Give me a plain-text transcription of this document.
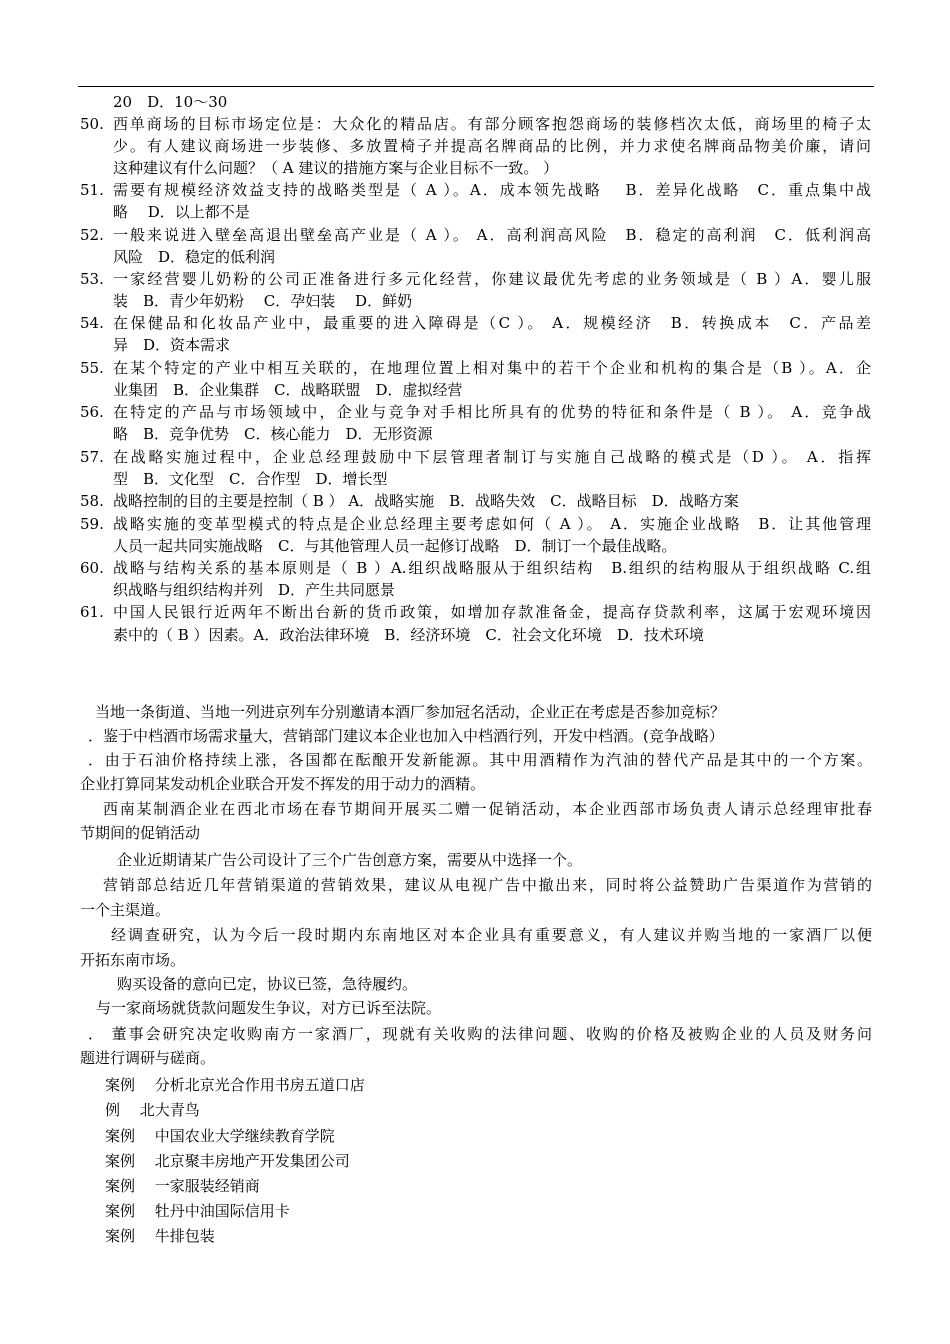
20　D．10～30
50. 西单商场的目标市场定位是：大众化的精品店。有部分顾客抱怨商场的装修档次太低，商场里的椅子太
少。有人建议商场进一步装修、多放置椅子并提高名牌商品的比例，并力求使名牌商品物美价廉，请问
这种建议有什么问题？（ A 建议的措施方案与企业目标不一致。 ）
51. 需要有规模经济效益支持的战略类型是（ A ）。A．成本领先战略　 B．差异化战略　C．重点集中战
略　 D．以上都不是
52. 一般来说进入壁垒高退出壁垒高产业是（ A ）。 A．高利润高风险　B．稳定的高利润　C．低利润高
风险　D．稳定的低利润
53. 一家经营婴儿奶粉的公司正准备进行多元化经营，你建议最优先考虑的业务领域是（ B ）A．婴儿服
装　B．青少年奶粉　 C．孕妇装　 D．鲜奶
54. 在保健品和化妆品产业中，最重要的进入障碍是（C ）。 A．规模经济　B．转换成本　C．产品差
异　D．资本需求
55. 在某个特定的产业中相互关联的，在地理位置上相对集中的若干个企业和机构的集合是（B ）。A．企
业集团　B．企业集群　C．战略联盟　D．虚拟经营
56. 在特定的产品与市场领域中，企业与竞争对手相比所具有的优势的特征和条件是（ B ）。 A．竞争战
略　B．竞争优势　C．核心能力　D．无形资源
57. 在战略实施过程中，企业总经理鼓励中下层管理者制订与实施自己战略的模式是（D ）。 A．指挥
型　B．文化型　C．合作型　D．增长型
58. 战略控制的目的主要是控制（ B ） A．战略实施　B．战略失效　C．战略目标　D．战略方案
59. 战略实施的变革型模式的特点是企业总经理主要考虑如何（ A ）。 A．实施企业战略　B．让其他管理
人员一起共同实施战略　C．与其他管理人员一起修订战略　D．制订一个最佳战略。
60. 战略与结构关系的基本原则是（ B ）A.组织战略服从于组织结构　B.组织的结构服从于组织战略 C.组
织战略与组织结构并列　D．产生共同愿景
61. 中国人民银行近两年不断出台新的货币政策，如增加存款准备金，提高存贷款利率，这属于宏观环境因
素中的（ B ）因素。A．政治法律环境　B．经济环境　C．社会文化环境　D．技术环境
当地一条街道、当地一列进京列车分别邀请本酒厂参加冠名活动，企业正在考虑是否参加竞标？
．鉴于中档酒市场需求量大，营销部门建议本企业也加入中档酒行列，开发中档酒。(竞争战略）
．由于石油价格持续上涨，各国都在酝酿开发新能源。其中用酒精作为汽油的替代产品是其中的一个方案。
企业打算同某发动机企业联合开发不挥发的用于动力的酒精。
西南某制酒企业在西北市场在春节期间开展买二赠一促销活动，本企业西部市场负责人请示总经理审批春
节期间的促销活动
企业近期请某广告公司设计了三个广告创意方案，需要从中选择一个。
营销部总结近几年营销渠道的营销效果，建议从电视广告中撤出来，同时将公益赞助广告渠道作为营销的
一个主渠道。
经调查研究，认为今后一段时期内东南地区对本企业具有重要意义，有人建议并购当地的一家酒厂以便
开拓东南市场。
购买设备的意向已定，协议已签，急待履约。
与一家商场就货款问题发生争议，对方已诉至法院。
． 董事会研究决定收购南方一家酒厂，现就有关收购的法律问题、收购的价格及被购企业的人员及财务问
题进行调研与磋商。
案例　 分析北京光合作用书房五道口店
例　 北大青鸟
案例　 中国农业大学继续教育学院
案例　 北京聚丰房地产开发集团公司
案例　 一家服装经销商
案例　 牡丹中油国际信用卡
案例　 牛排包装
